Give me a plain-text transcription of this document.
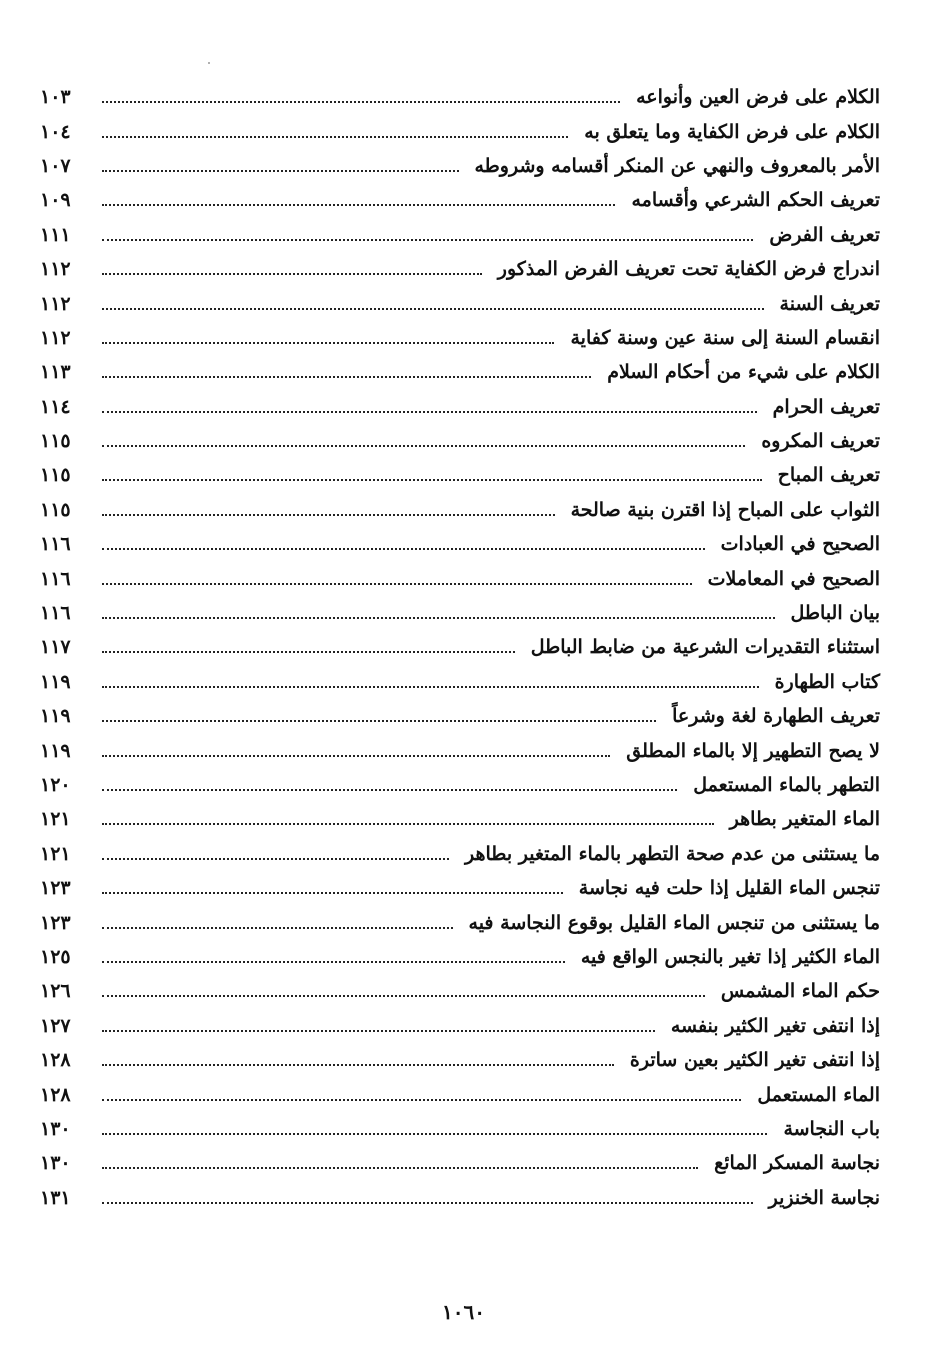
الكلام على فرض العين وأنواعه
١٠٣
الكلام على فرض الكفاية وما يتعلق به
١٠٤
الأمر بالمعروف والنهي عن المنكر أقسامه وشروطه
١٠٧
تعريف الحكم الشرعي وأقسامه
١٠٩
تعريف الفرض
١١١
اندراج فرض الكفاية تحت تعريف الفرض المذكور
١١٢
تعريف السنة
١١٢
انقسام السنة إلى سنة عين وسنة كفاية
١١٢
الكلام على شيء من أحكام السلام
١١٣
تعريف الحرام
١١٤
تعريف المكروه
١١٥
تعريف المباح
١١٥
الثواب على المباح إذا اقترن بنية صالحة
١١٥
الصحيح في العبادات
١١٦
الصحيح في المعاملات
١١٦
بيان الباطل
١١٦
استثناء التقديرات الشرعية من ضابط الباطل
١١٧
كتاب الطهارة
١١٩
تعريف الطهارة لغة وشرعاً
١١٩
لا يصح التطهير إلا بالماء المطلق
١١٩
التطهر بالماء المستعمل
١٢٠
الماء المتغير بطاهر
١٢١
ما يستثنى من عدم صحة التطهر بالماء المتغير بطاهر
١٢١
تنجس الماء القليل إذا حلت فيه نجاسة
١٢٣
ما يستثنى من تنجس الماء القليل بوقوع النجاسة فيه
١٢٣
الماء الكثير إذا تغير بالنجس الواقع فيه
١٢٥
حكم الماء المشمس
١٢٦
إذا انتفى تغير الكثير بنفسه
١٢٧
إذا انتفى تغير الكثير بعين ساترة
١٢٨
الماء المستعمل
١٢٨
باب النجاسة
١٣٠
نجاسة المسكر المائع
١٣٠
نجاسة الخنزير
١٣١
١٠٦٠
